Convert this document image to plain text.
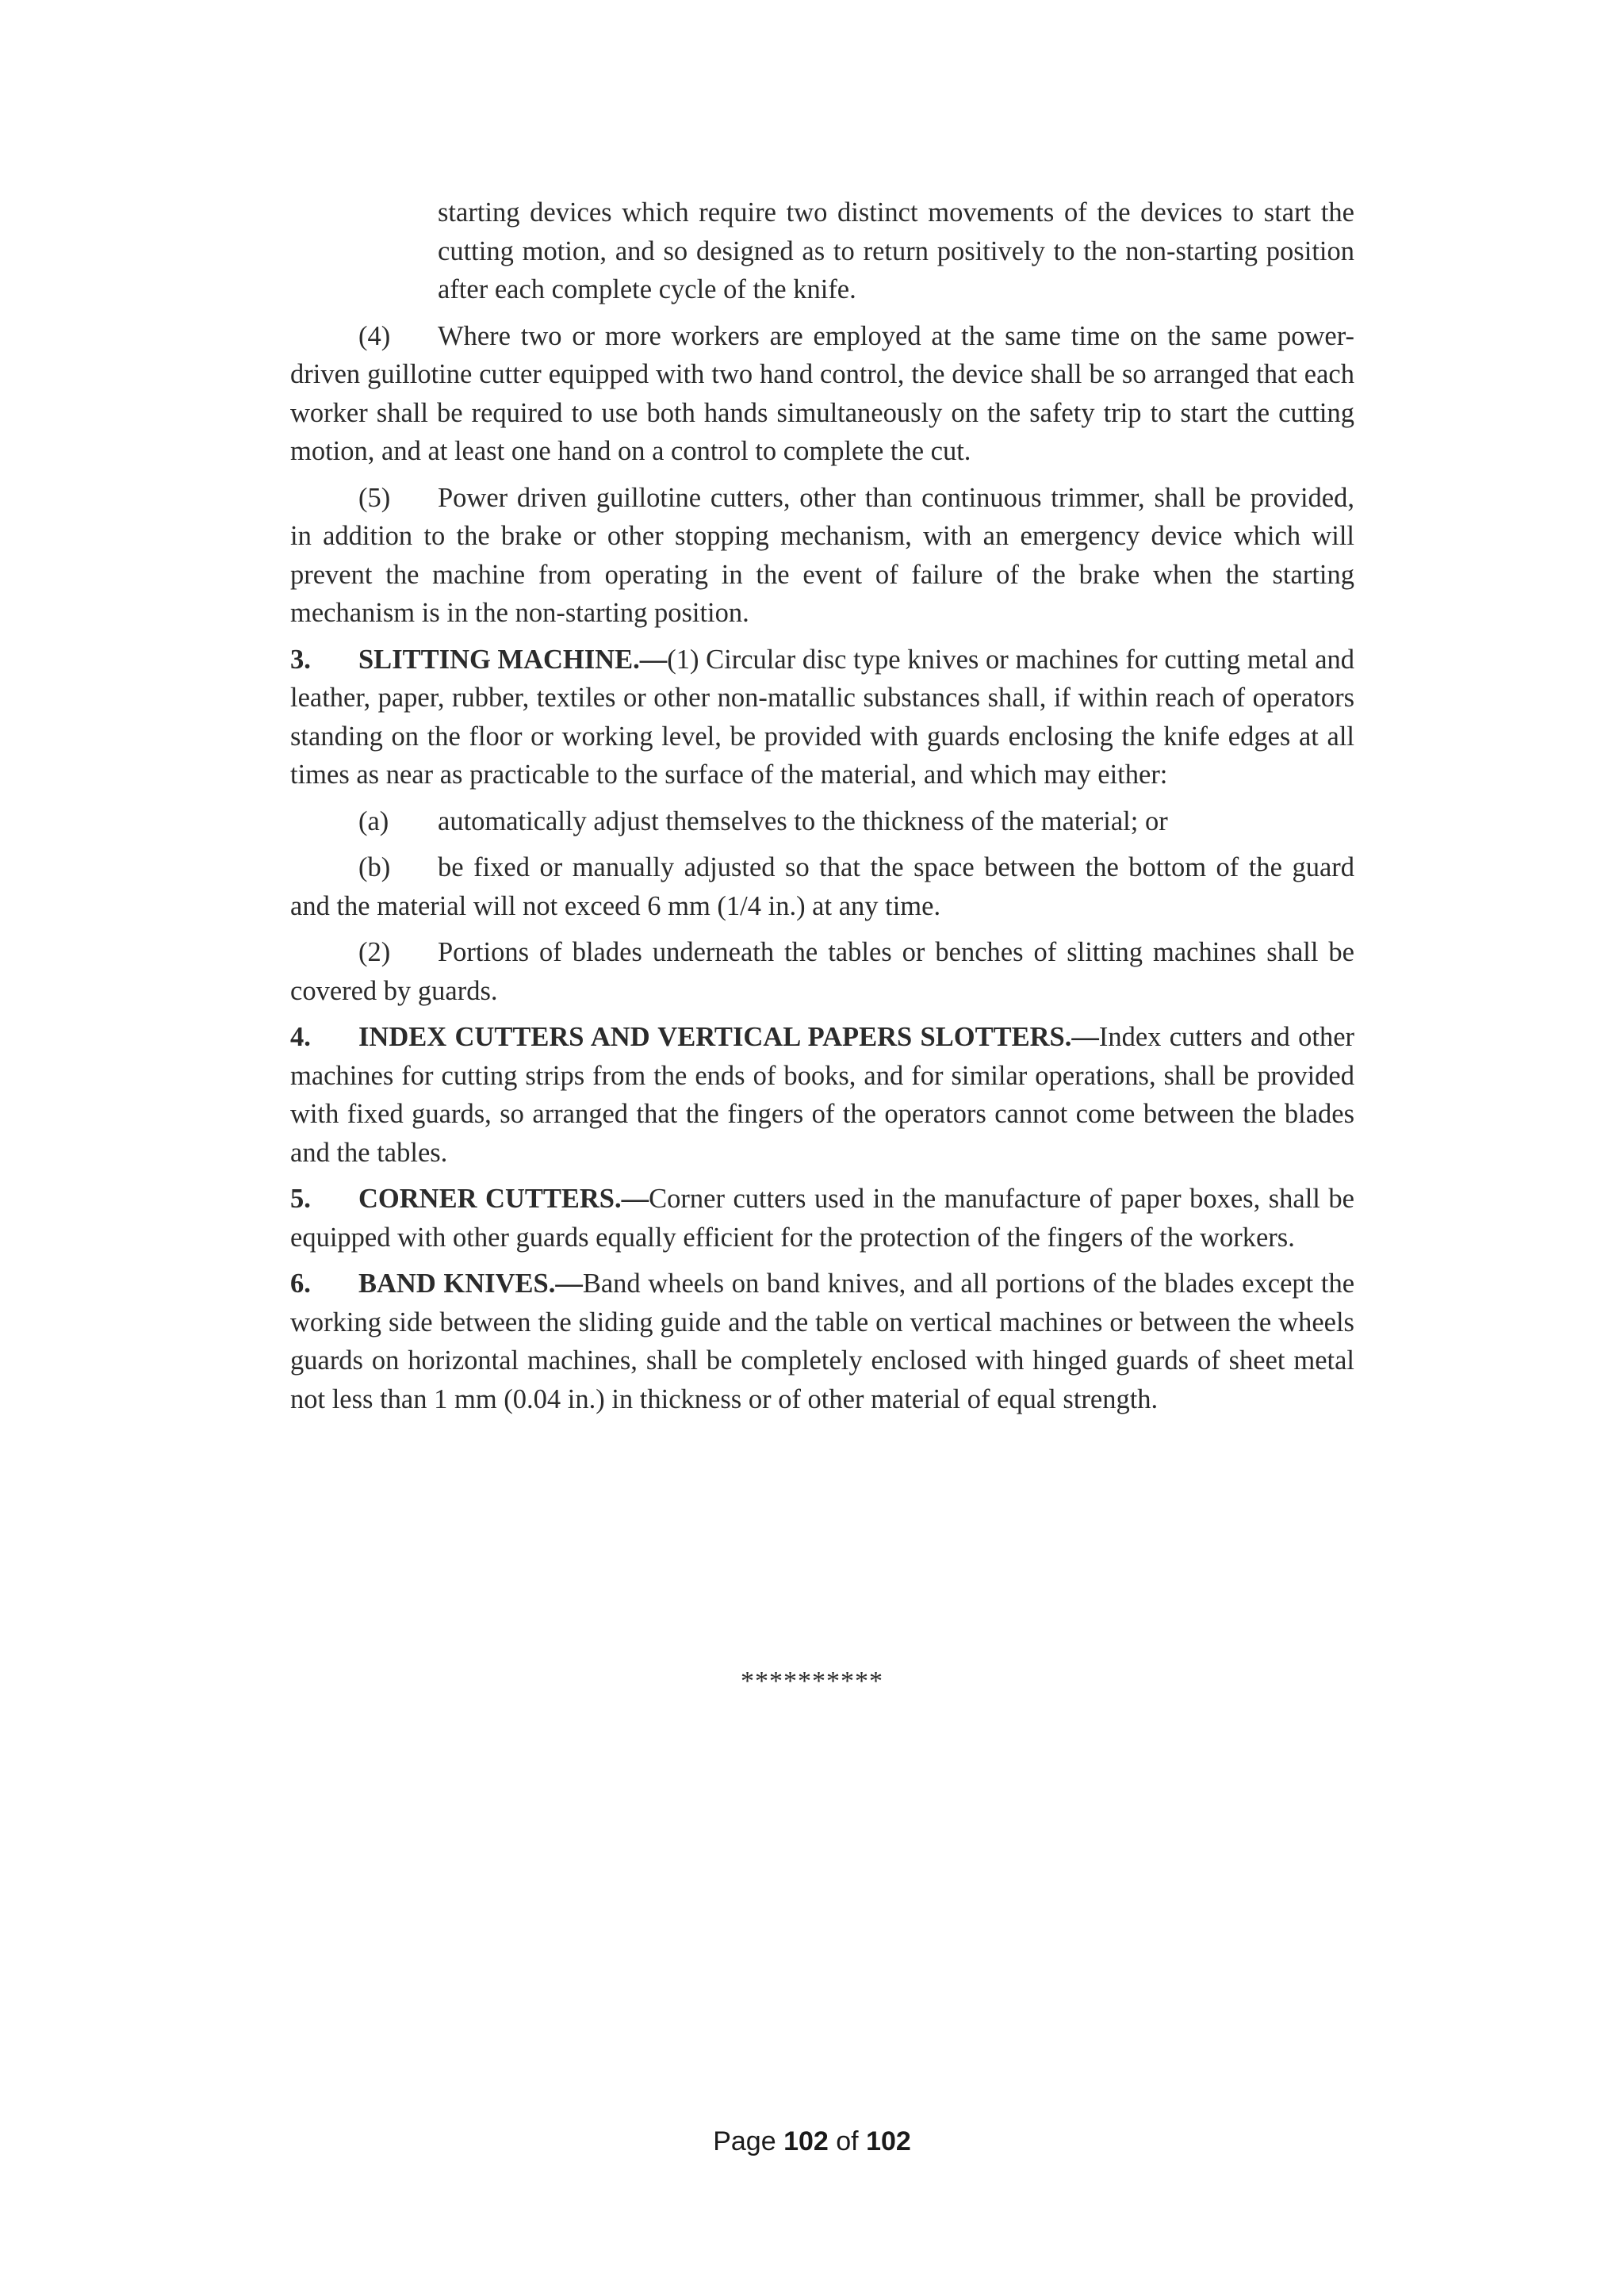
starting devices which require two distinct movements of the devices to start the cutting motion, and so designed as to return positively to the non-starting position after each complete cycle of the knife.

(4) Where two or more workers are employed at the same time on the same power-driven guillotine cutter equipped with two hand control, the device shall be so arranged that each worker shall be required to use both hands simultaneously on the safety trip to start the cutting motion, and at least one hand on a control to complete the cut.

(5) Power driven guillotine cutters, other than continuous trimmer, shall be provided, in addition to the brake or other stopping mechanism, with an emergency device which will prevent the machine from operating in the event of failure of the brake when the starting mechanism is in the non-starting position.

3. SLITTING MACHINE.—(1) Circular disc type knives or machines for cutting metal and leather, paper, rubber, textiles or other non-matallic substances shall, if within reach of operators standing on the floor or working level, be provided with guards enclosing the knife edges at all times as near as practicable to the surface of the material, and which may either:

(a) automatically adjust themselves to the thickness of the material; or

(b) be fixed or manually adjusted so that the space between the bottom of the guard and the material will not exceed 6 mm (1/4 in.) at any time.

(2) Portions of blades underneath the tables or benches of slitting machines shall be covered by guards.

4. INDEX CUTTERS AND VERTICAL PAPERS SLOTTERS.—Index cutters and other machines for cutting strips from the ends of books, and for similar operations, shall be provided with fixed guards, so arranged that the fingers of the operators cannot come between the blades and the tables.

5. CORNER CUTTERS.—Corner cutters used in the manufacture of paper boxes, shall be equipped with other guards equally efficient for the protection of the fingers of the workers.

6. BAND KNIVES.—Band wheels on band knives, and all portions of the blades except the working side between the sliding guide and the table on vertical machines or between the wheels guards on horizontal machines, shall be completely enclosed with hinged guards of sheet metal not less than 1 mm (0.04 in.) in thickness or of other material of equal strength.

**********
Page 102 of 102
